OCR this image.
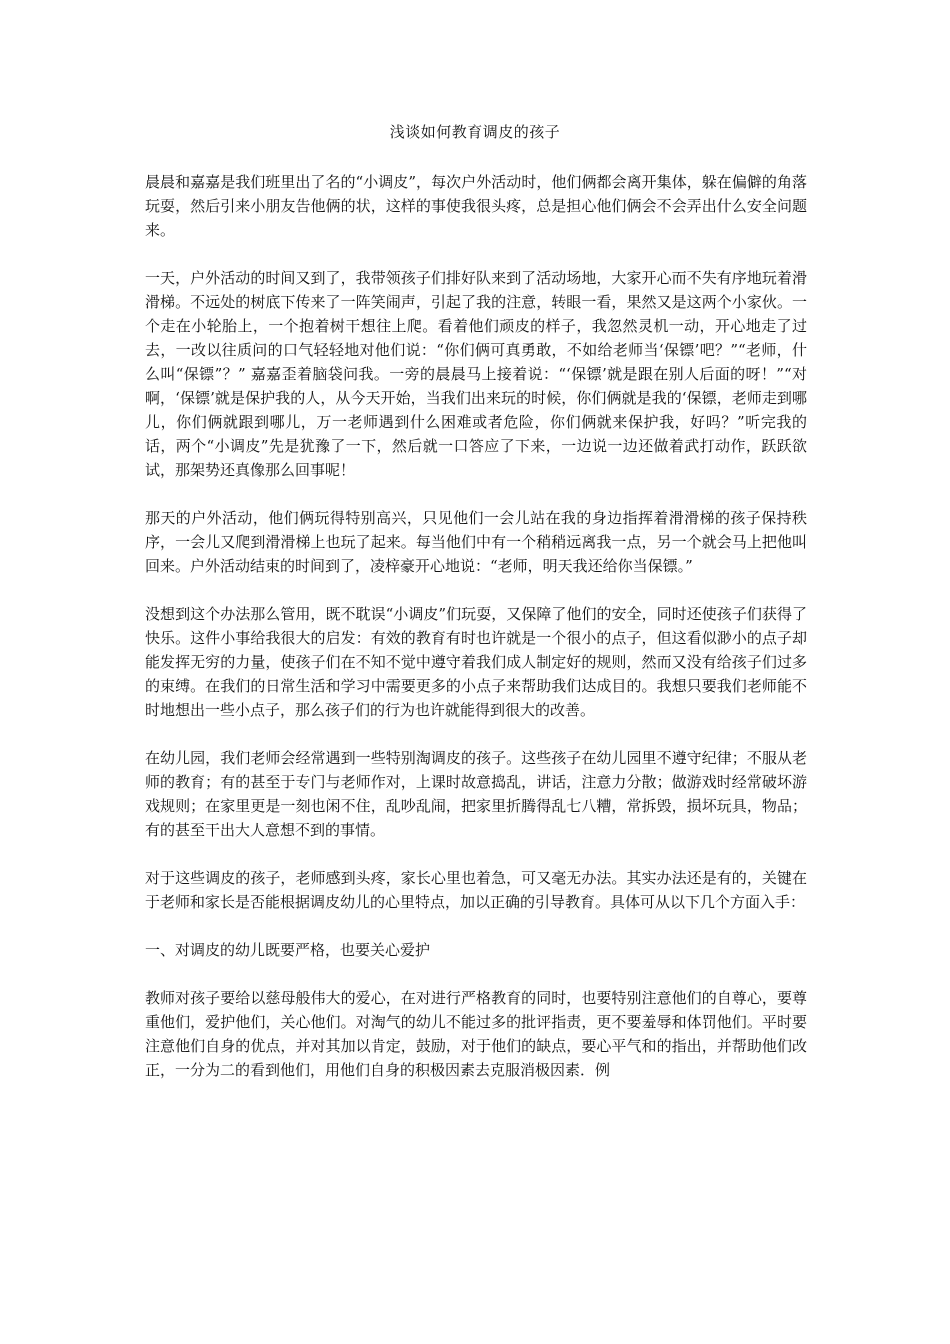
浅谈如何教育调皮的孩子

晨晨和嘉嘉是我们班里出了名的“小调皮”，每次户外活动时，他们俩都会离开集体，躲在偏僻的角落玩耍，然后引来小朋友告他俩的状，这样的事使我很头疼，总是担心他们俩会不会弄出什么安全问题来。

一天，户外活动的时间又到了，我带领孩子们排好队来到了活动场地，大家开心而不失有序地玩着滑滑梯。不远处的树底下传来了一阵笑闹声，引起了我的注意，转眼一看，果然又是这两个小家伙。一个走在小轮胎上，一个抱着树干想往上爬。看着他们顽皮的样子，我忽然灵机一动，开心地走了过去，一改以往质问的口气轻轻地对他们说：“你们俩可真勇敢，不如给老师当‘保镖’吧？”“老师，什么叫“保镖”？” 嘉嘉歪着脑袋问我。一旁的晨晨马上接着说：“‘保镖’就是跟在别人后面的呀！”“对啊，‘保镖’就是保护我的人，从今天开始，当我们出来玩的时候，你们俩就是我的‘保镖，老师走到哪儿，你们俩就跟到哪儿，万一老师遇到什么困难或者危险，你们俩就来保护我，好吗？”听完我的话，两个“小调皮”先是犹豫了一下，然后就一口答应了下来，一边说一边还做着武打动作，跃跃欲试，那架势还真像那么回事呢！

那天的户外活动，他们俩玩得特别高兴，只见他们一会儿站在我的身边指挥着滑滑梯的孩子保持秩序，一会儿又爬到滑滑梯上也玩了起来。每当他们中有一个稍稍远离我一点，另一个就会马上把他叫回来。户外活动结束的时间到了，凌梓豪开心地说：“老师，明天我还给你当保镖。”

没想到这个办法那么管用，既不耽误“小调皮”们玩耍，又保障了他们的安全，同时还使孩子们获得了快乐。这件小事给我很大的启发：有效的教育有时也许就是一个很小的点子，但这看似渺小的点子却能发挥无穷的力量，使孩子们在不知不觉中遵守着我们成人制定好的规则，然而又没有给孩子们过多的束缚。在我们的日常生活和学习中需要更多的小点子来帮助我们达成目的。我想只要我们老师能不时地想出一些小点子，那么孩子们的行为也许就能得到很大的改善。

在幼儿园，我们老师会经常遇到一些特别淘调皮的孩子。这些孩子在幼儿园里不遵守纪律；不服从老师的教育；有的甚至于专门与老师作对，上课时故意捣乱，讲话，注意力分散；做游戏时经常破坏游戏规则；在家里更是一刻也闲不住，乱吵乱闹，把家里折腾得乱七八糟，常拆毁，损坏玩具，物品；有的甚至干出大人意想不到的事情。

对于这些调皮的孩子，老师感到头疼，家长心里也着急，可又毫无办法。其实办法还是有的，关键在于老师和家长是否能根据调皮幼儿的心里特点，加以正确的引导教育。具体可从以下几个方面入手：

一、对调皮的幼儿既要严格，也要关心爱护

教师对孩子要给以慈母般伟大的爱心，在对进行严格教育的同时，也要特别注意他们的自尊心，要尊重他们，爱护他们，关心他们。对淘气的幼儿不能过多的批评指责，更不要羞辱和体罚他们。平时要注意他们自身的优点，并对其加以肯定，鼓励，对于他们的缺点，要心平气和的指出，并帮助他们改正，一分为二的看到他们，用他们自身的积极因素去克服消极因素．例
